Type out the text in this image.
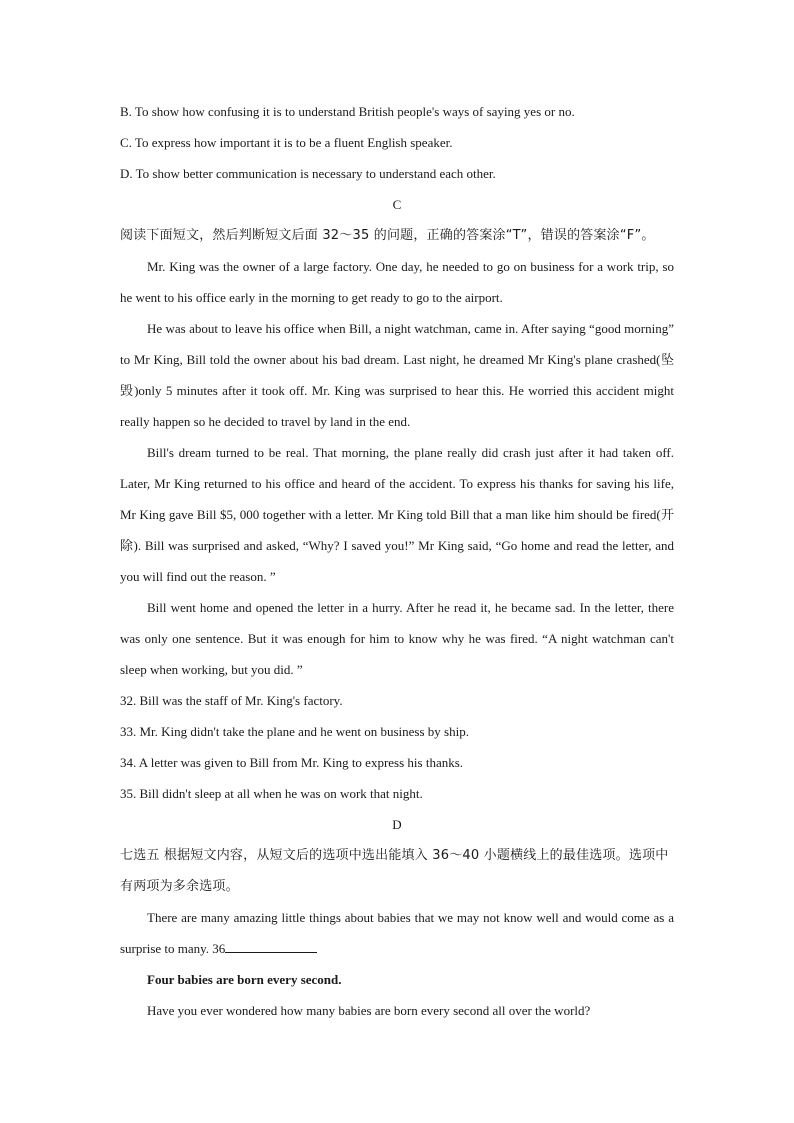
B. To show how confusing it is to understand British people's ways of saying yes or no.
C. To express how important it is to be a fluent English speaker.
D. To show better communication is necessary to understand each other.
C
阅读下面短文，然后判断短文后面 32～35 的问题，正确的答案涂“T”，错误的答案涂“F”。
Mr. King was the owner of a large factory. One day, he needed to go on business for a work trip, so he went to his office early in the morning to get ready to go to the airport.
He was about to leave his office when Bill, a night watchman, came in. After saying “good morning” to Mr King, Bill told the owner about his bad dream. Last night, he dreamed Mr King's plane crashed(坠毁)only 5 minutes after it took off. Mr. King was surprised to hear this. He worried this accident might really happen so he decided to travel by land in the end.
Bill's dream turned to be real. That morning, the plane really did crash just after it had taken off. Later, Mr King returned to his office and heard of the accident. To express his thanks for saving his life, Mr King gave Bill $5, 000 together with a letter. Mr King told Bill that a man like him should be fired(开除). Bill was surprised and asked, “Why? I saved you!” Mr King said, “Go home and read the letter, and you will find out the reason. ”
Bill went home and opened the letter in a hurry. After he read it, he became sad. In the letter, there was only one sentence. But it was enough for him to know why he was fired. “A night watchman can't sleep when working, but you did. ”
32. Bill was the staff of Mr. King's factory.
33. Mr. King didn't take the plane and he went on business by ship.
34. A letter was given to Bill from Mr. King to express his thanks.
35. Bill didn't sleep at all when he was on work that night.
D
七选五 根据短文内容，从短文后的选项中选出能填入 36～40 小题横线上的最佳选项。选项中有两项为多余选项。
There are many amazing little things about babies that we may not know well and would come as a surprise to many. 36
Four babies are born every second.
Have you ever wondered how many babies are born every second all over the world?
